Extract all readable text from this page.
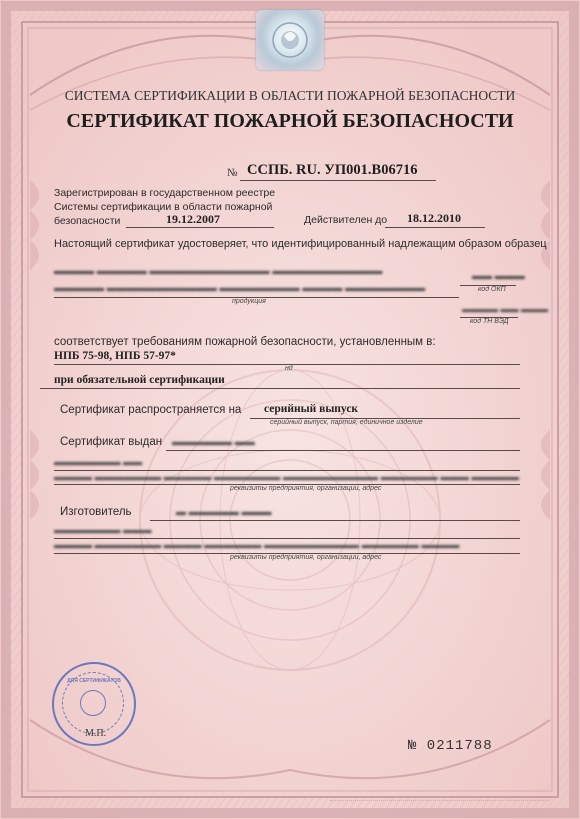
СИСТЕМА СЕРТИФИКАЦИИ В ОБЛАСТИ ПОЖАРНОЙ БЕЗОПАСНОСТИ
СЕРТИФИКАТ ПОЖАРНОЙ БЕЗОПАСНОСТИ
№ ССПБ. RU. УП001.В06716
Зарегистрирован в государственном реестре
Системы сертификации в области пожарной
безопасности	19.12.2007	Действителен до 18.12.2010
Настоящий сертификат удостоверяет, что идентифицированный надлежащим образом образец
▬▬▬▬ ▬▬▬▬▬ ▬▬▬▬▬▬▬▬▬▬▬▬ ▬▬▬▬▬▬▬▬▬▬▬
▬▬▬▬▬ ▬▬▬▬▬▬▬▬▬▬▬ ▬▬▬▬▬▬▬▬ ▬▬▬▬ ▬▬▬▬▬▬▬▬
продукция
▬▬ ▬▬▬
код ОКП
▬▬▬▬ ▬▬ ▬▬▬
код ТН ВЭД
соответствует требованиям пожарной безопасности, установленным в:
НПБ 75-98, НПБ 57-97*
нд
при обязательной сертификации
Сертификат распространяется на серийный выпуск
серийный выпуск, партия, единичное изделие
Сертификат выдан ▬▬▬▬▬▬ ▬▬
▬▬▬▬▬▬▬ ▬▬
▬▬▬▬ ▬▬▬▬▬▬▬ ▬▬▬▬▬ ▬▬▬▬▬▬▬ ▬▬▬▬▬▬▬▬▬▬ ▬▬▬▬▬▬ ▬▬▬ ▬▬▬▬▬
реквизиты предприятия, организации, адрес
Изготовитель	▬ ▬▬▬▬▬ ▬▬▬
▬▬▬▬▬▬▬ ▬▬▬
▬▬▬▬ ▬▬▬▬▬▬▬ ▬▬▬▬ ▬▬▬▬▬▬ ▬▬▬▬▬▬▬▬▬▬ ▬▬▬▬▬▬ ▬▬▬▬
реквизиты предприятия, организации, адрес
ДЛЯ СЕРТИФИКАТОВ
М.П.
№ 0211788
